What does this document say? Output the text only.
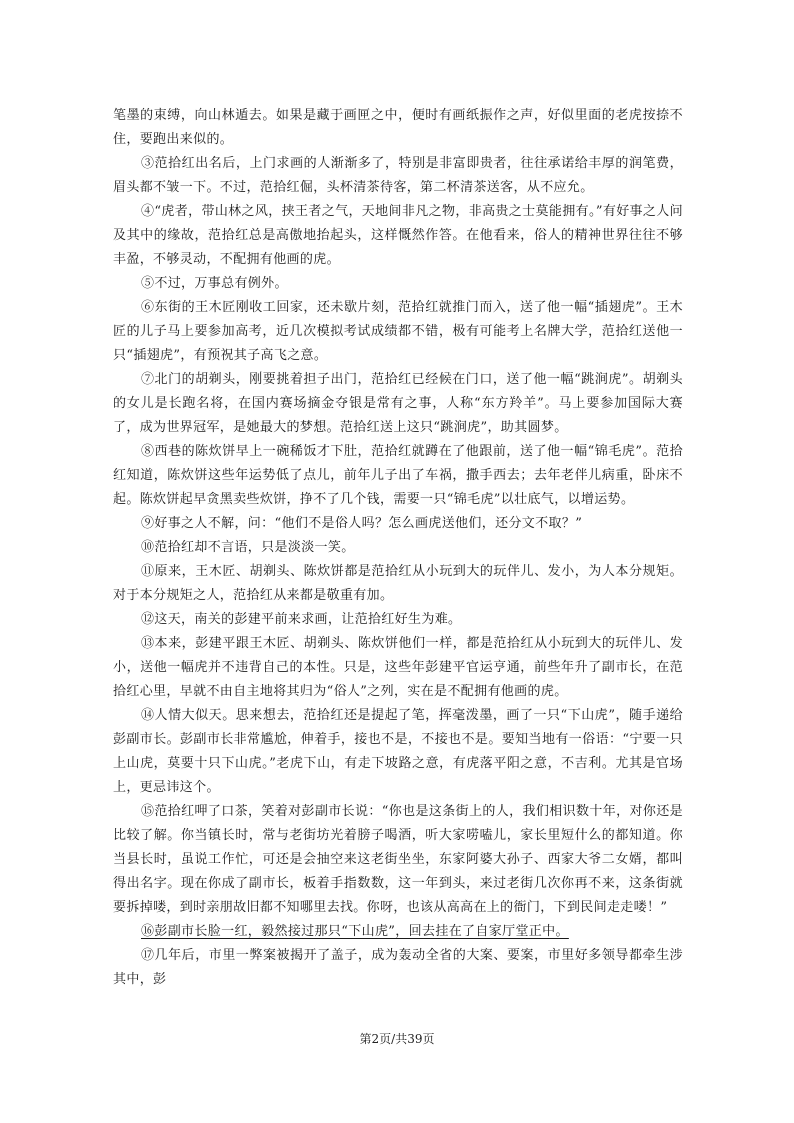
笔墨的束缚，向山林遁去。如果是藏于画匣之中，便时有画纸振作之声，好似里面的老虎按捺不住，要跑出来似的。

③范拾红出名后，上门求画的人渐渐多了，特别是非富即贵者，往往承诺给丰厚的润笔费，眉头都不皱一下。不过，范拾红倔，头杯清茶待客，第二杯清茶送客，从不应允。

④“虎者，带山林之风，挟王者之气，天地间非凡之物，非高贵之士莫能拥有。”有好事之人问及其中的缘故，范拾红总是高傲地抬起头，这样慨然作答。在他看来，俗人的精神世界往往不够丰盈，不够灵动，不配拥有他画的虎。

⑤不过，万事总有例外。

⑥东街的王木匠刚收工回家，还未歇片刻，范拾红就推门而入，送了他一幅“插翅虎”。王木匠的儿子马上要参加高考，近几次模拟考试成绩都不错，极有可能考上名牌大学，范拾红送他一只“插翅虎”，有预祝其子高飞之意。

⑦北门的胡剃头，刚要挑着担子出门，范拾红已经候在门口，送了他一幅“跳涧虎”。胡剃头的女儿是长跑名将，在国内赛场摘金夺银是常有之事，人称“东方羚羊”。马上要参加国际大赛了，成为世界冠军，是她最大的梦想。范拾红送上这只“跳涧虎”，助其圆梦。

⑧西巷的陈炊饼早上一碗稀饭才下肚，范拾红就蹲在了他跟前，送了他一幅“锦毛虎”。范拾红知道，陈炊饼这些年运势低了点儿，前年儿子出了车祸，撒手西去；去年老伴儿病重，卧床不起。陈炊饼起早贪黑卖些炊饼，挣不了几个钱，需要一只“锦毛虎”以壮底气，以增运势。

⑨好事之人不解，问：“他们不是俗人吗？怎么画虎送他们，还分文不取？”

⑩范拾红却不言语，只是淡淡一笑。

⑪原来，王木匠、胡剃头、陈炊饼都是范拾红从小玩到大的玩伴儿、发小，为人本分规矩。对于本分规矩之人，范拾红从来都是敬重有加。

⑫这天，南关的彭建平前来求画，让范拾红好生为难。

⑬本来，彭建平跟王木匠、胡剃头、陈炊饼他们一样，都是范拾红从小玩到大的玩伴儿、发小，送他一幅虎并不违背自己的本性。只是，这些年彭建平官运亨通，前些年升了副市长，在范拾红心里，早就不由自主地将其归为“俗人”之列，实在是不配拥有他画的虎。

⑭人情大似天。思来想去，范拾红还是提起了笔，挥毫泼墨，画了一只“下山虎”，随手递给彭副市长。彭副市长非常尴尬，伸着手，接也不是，不接也不是。要知当地有一俗语：“宁要一只上山虎，莫要十只下山虎。”老虎下山，有走下坡路之意，有虎落平阳之意，不吉利。尤其是官场上，更忌讳这个。

⑮范拾红呷了口茶，笑着对彭副市长说：“你也是这条街上的人，我们相识数十年，对你还是比较了解。你当镇长时，常与老街坊光着膀子喝酒，听大家唠嗑儿，家长里短什么的都知道。你当县长时，虽说工作忙，可还是会抽空来这老街坐坐，东家阿婆大孙子、西家大爷二女婿，都叫得出名字。现在你成了副市长，板着手指数数，这一年到头，来过老街几次你再不来，这条街就要拆掉喽，到时亲朋故旧都不知哪里去找。你呀，也该从高高在上的衙门，下到民间走走喽！”

⑯彭副市长脸一红，毅然接过那只“下山虎”，回去挂在了自家厅堂正中。

⑰几年后，市里一弊案被揭开了盖子，成为轰动全省的大案、要案，市里好多领导都牵生涉其中，彭

第2页/共39页
